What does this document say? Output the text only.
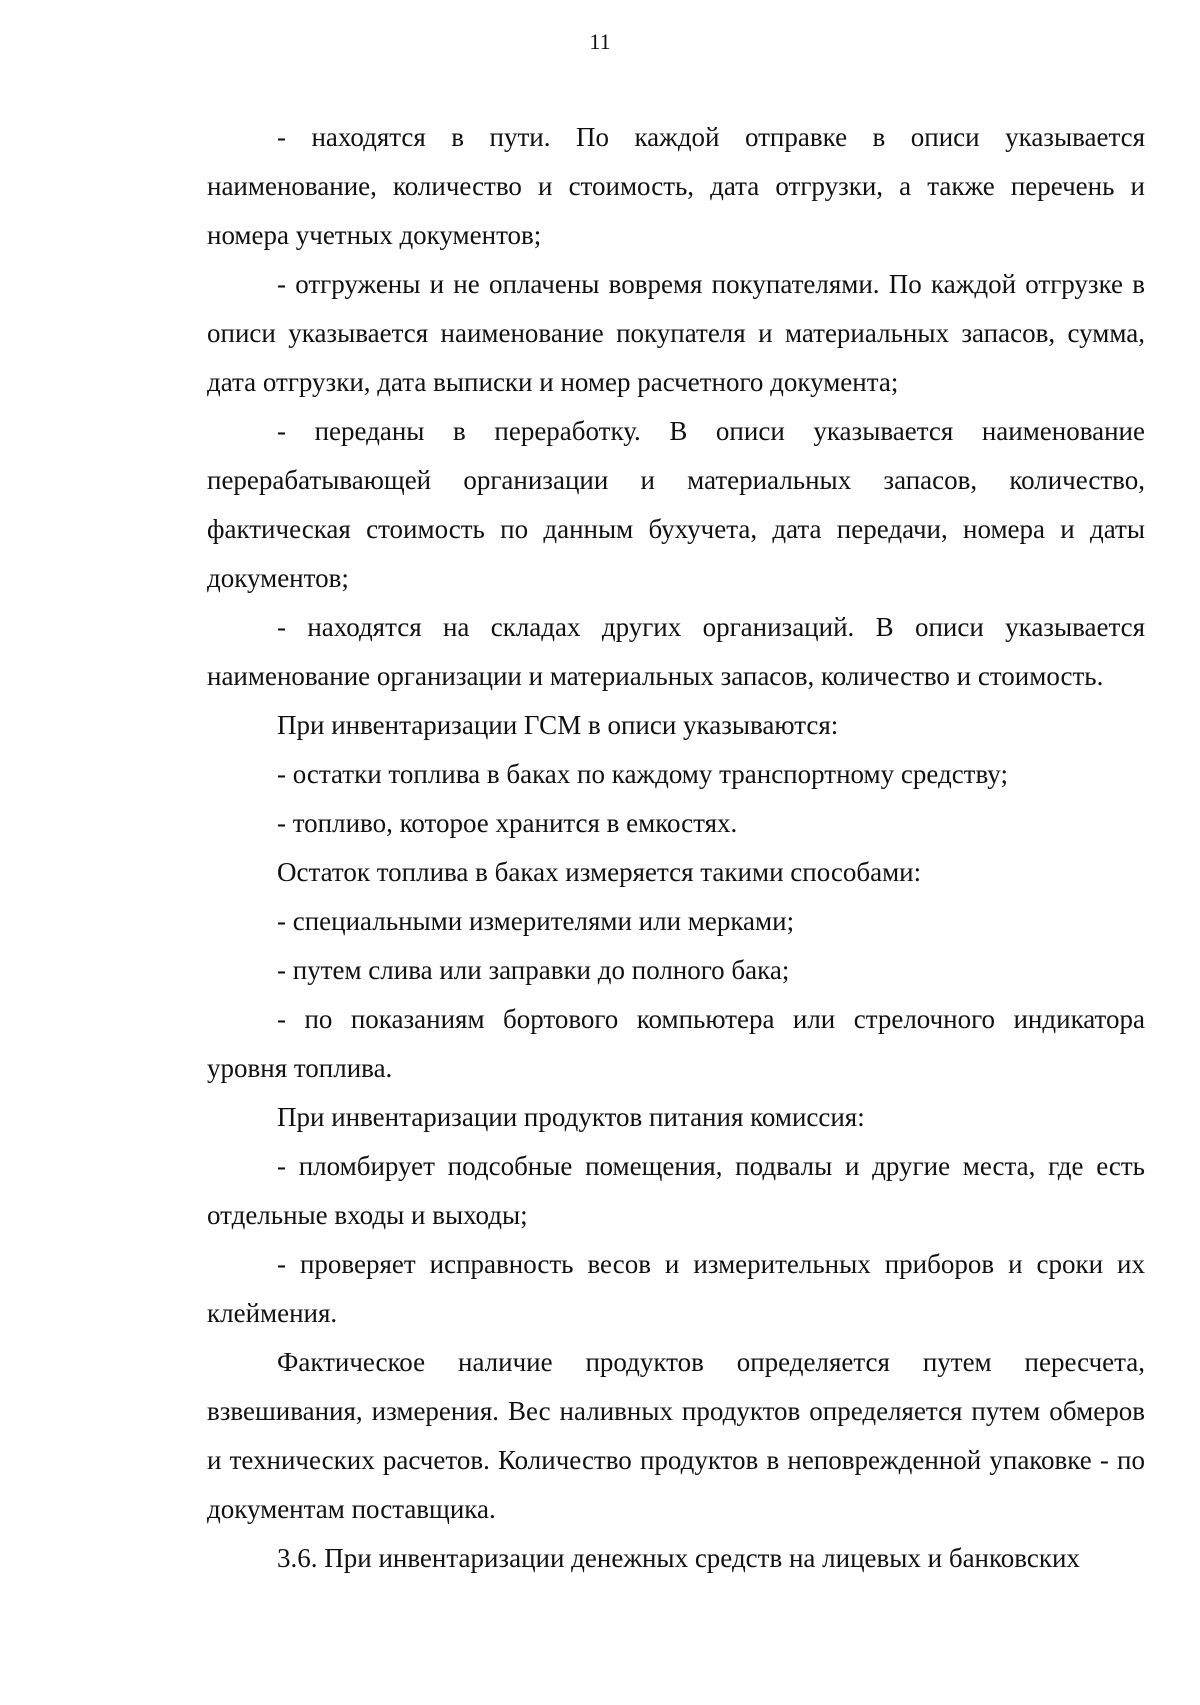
11

- находятся в пути. По каждой отправке в описи указывается наименование, количество и стоимость, дата отгрузки, а также перечень и номера учетных документов;

- отгружены и не оплачены вовремя покупателями. По каждой отгрузке в описи указывается наименование покупателя и материальных запасов, сумма, дата отгрузки, дата выписки и номер расчетного документа;

- переданы в переработку. В описи указывается наименование перерабатывающей организации и материальных запасов, количество, фактическая стоимость по данным бухучета, дата передачи, номера и даты документов;

- находятся на складах других организаций. В описи указывается наименование организации и материальных запасов, количество и стоимость.

При инвентаризации ГСМ в описи указываются:

- остатки топлива в баках по каждому транспортному средству;

- топливо, которое хранится в емкостях.

Остаток топлива в баках измеряется такими способами:

- специальными измерителями или мерками;

- путем слива или заправки до полного бака;

- по показаниям бортового компьютера или стрелочного индикатора уровня топлива.

При инвентаризации продуктов питания комиссия:

- пломбирует подсобные помещения, подвалы и другие места, где есть отдельные входы и выходы;

- проверяет исправность весов и измерительных приборов и сроки их клеймения.

Фактическое наличие продуктов определяется путем пересчета, взвешивания, измерения. Вес наливных продуктов определяется путем обмеров и технических расчетов. Количество продуктов в неповрежденной упаковке - по документам поставщика.

3.6. При инвентаризации денежных средств на лицевых и банковских
